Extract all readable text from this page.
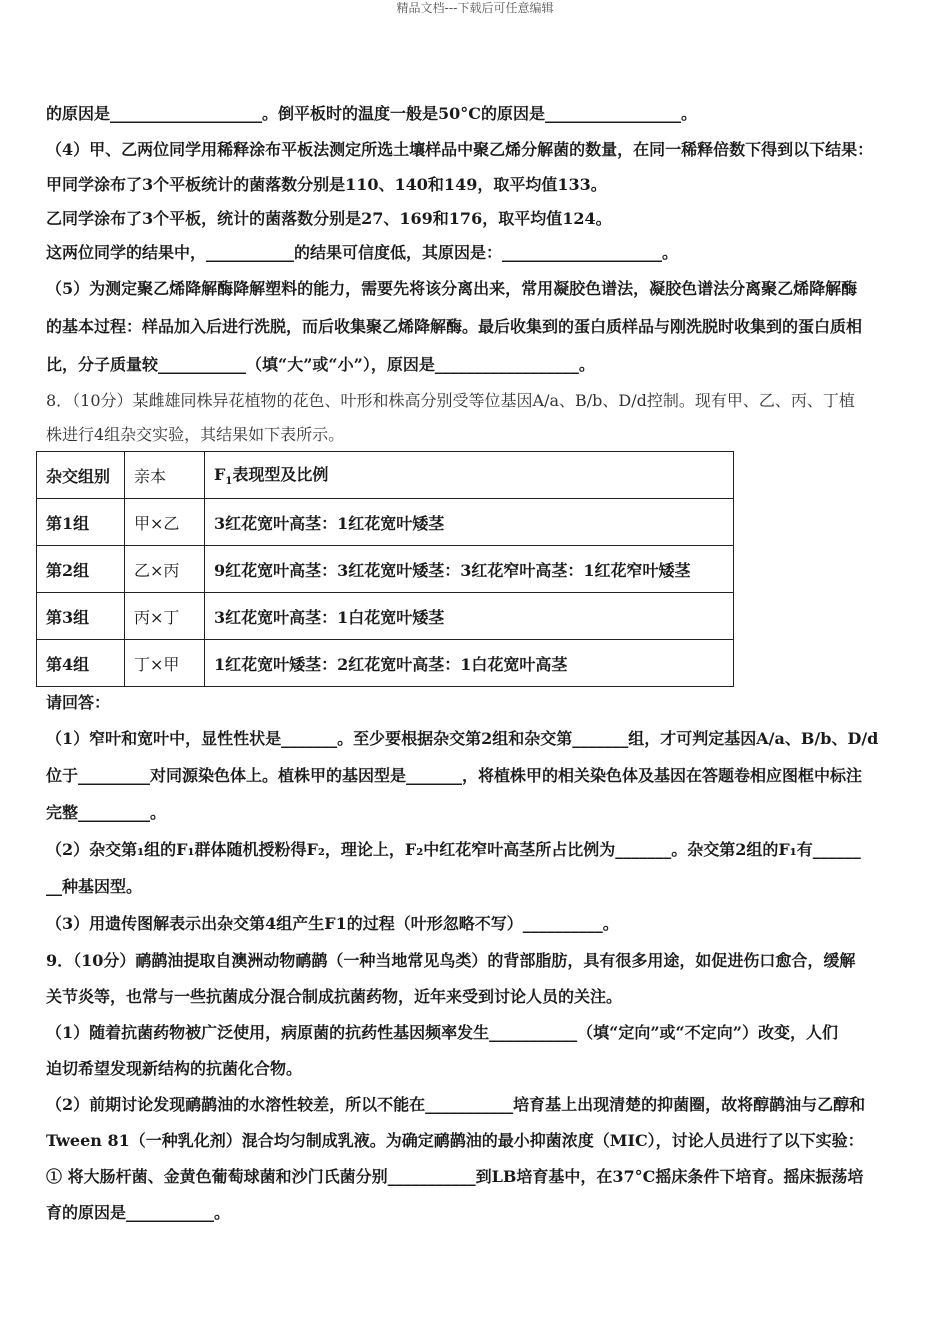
精品文档---下载后可任意编辑
的原因是___________________。倒平板时的温度一般是50°C的原因是_________________。
（4）甲、乙两位同学用稀释涂布平板法测定所选土壤样品中聚乙烯分解菌的数量，在同一稀释倍数下得到以下结果：
甲同学涂布了3个平板统计的菌落数分别是110、140和149，取平均值133。
乙同学涂布了3个平板，统计的菌落数分别是27、169和176，取平均值124。
这两位同学的结果中，___________的结果可信度低，其原因是：____________________。
（5）为测定聚乙烯降解酶降解塑料的能力，需要先将该分离出来，常用凝胶色谱法，凝胶色谱法分离聚乙烯降解酶
的基本过程：样品加入后进行洗脱，而后收集聚乙烯降解酶。最后收集到的蛋白质样品与刚洗脱时收集到的蛋白质相
比，分子质量较___________（填“大”或“小”），原因是__________________。
8．（10分）某雌雄同株异花植物的花色、叶形和株高分别受等位基因A/a、B/b、D/d控制。现有甲、乙、丙、丁植
株进行4组杂交实验，其结果如下表所示。
杂交组别	亲本	$F_1$表现型及比例
第1组	甲×乙	3红花宽叶高茎：1红花宽叶矮茎
第2组	乙×丙	9红花宽叶高茎：3红花宽叶矮茎：3红花窄叶高茎：1红花窄叶矮茎
第3组	丙×丁	3红花宽叶高茎：1白花宽叶矮茎
第4组	丁×甲	1红花宽叶矮茎：2红花宽叶高茎：1白花宽叶高茎
请回答：
（1）窄叶和宽叶中，显性性状是_______。至少要根据杂交第2组和杂交第_______组，才可判定基因A/a、B/b、D/d
位于_________对同源染色体上。植株甲的基因型是_______，将植株甲的相关染色体及基因在答题卷相应图框中标注
完整_________。
（2）杂交第₁组的F₁群体随机授粉得F₂，理论上，F₂中红花窄叶高茎所占比例为_______。杂交第2组的F₁有______
__种基因型。
（3）用遗传图解表示出杂交第4组产生F1的过程（叶形忽略不写）__________。
9．（10分）鸸鹋油提取自澳洲动物鸸鹋（一种当地常见鸟类）的背部脂肪，具有很多用途，如促进伤口愈合，缓解
关节炎等，也常与一些抗菌成分混合制成抗菌药物，近年来受到讨论人员的关注。
（1）随着抗菌药物被广泛使用，病原菌的抗药性基因频率发生___________（填“定向”或“不定向”）改变，人们
迫切希望发现新结构的抗菌化合物。
（2）前期讨论发现鸸鹋油的水溶性较差，所以不能在___________培育基上出现清楚的抑菌圈，故将醇鹋油与乙醇和
Tween 81（一种乳化剂）混合均匀制成乳液。为确定鸸鹋油的最小抑菌浓度（MIC），讨论人员进行了以下实验：
① 将大肠杆菌、金黄色葡萄球菌和沙门氏菌分别___________到LB培育基中，在37°C摇床条件下培育。摇床振荡培
育的原因是___________。
